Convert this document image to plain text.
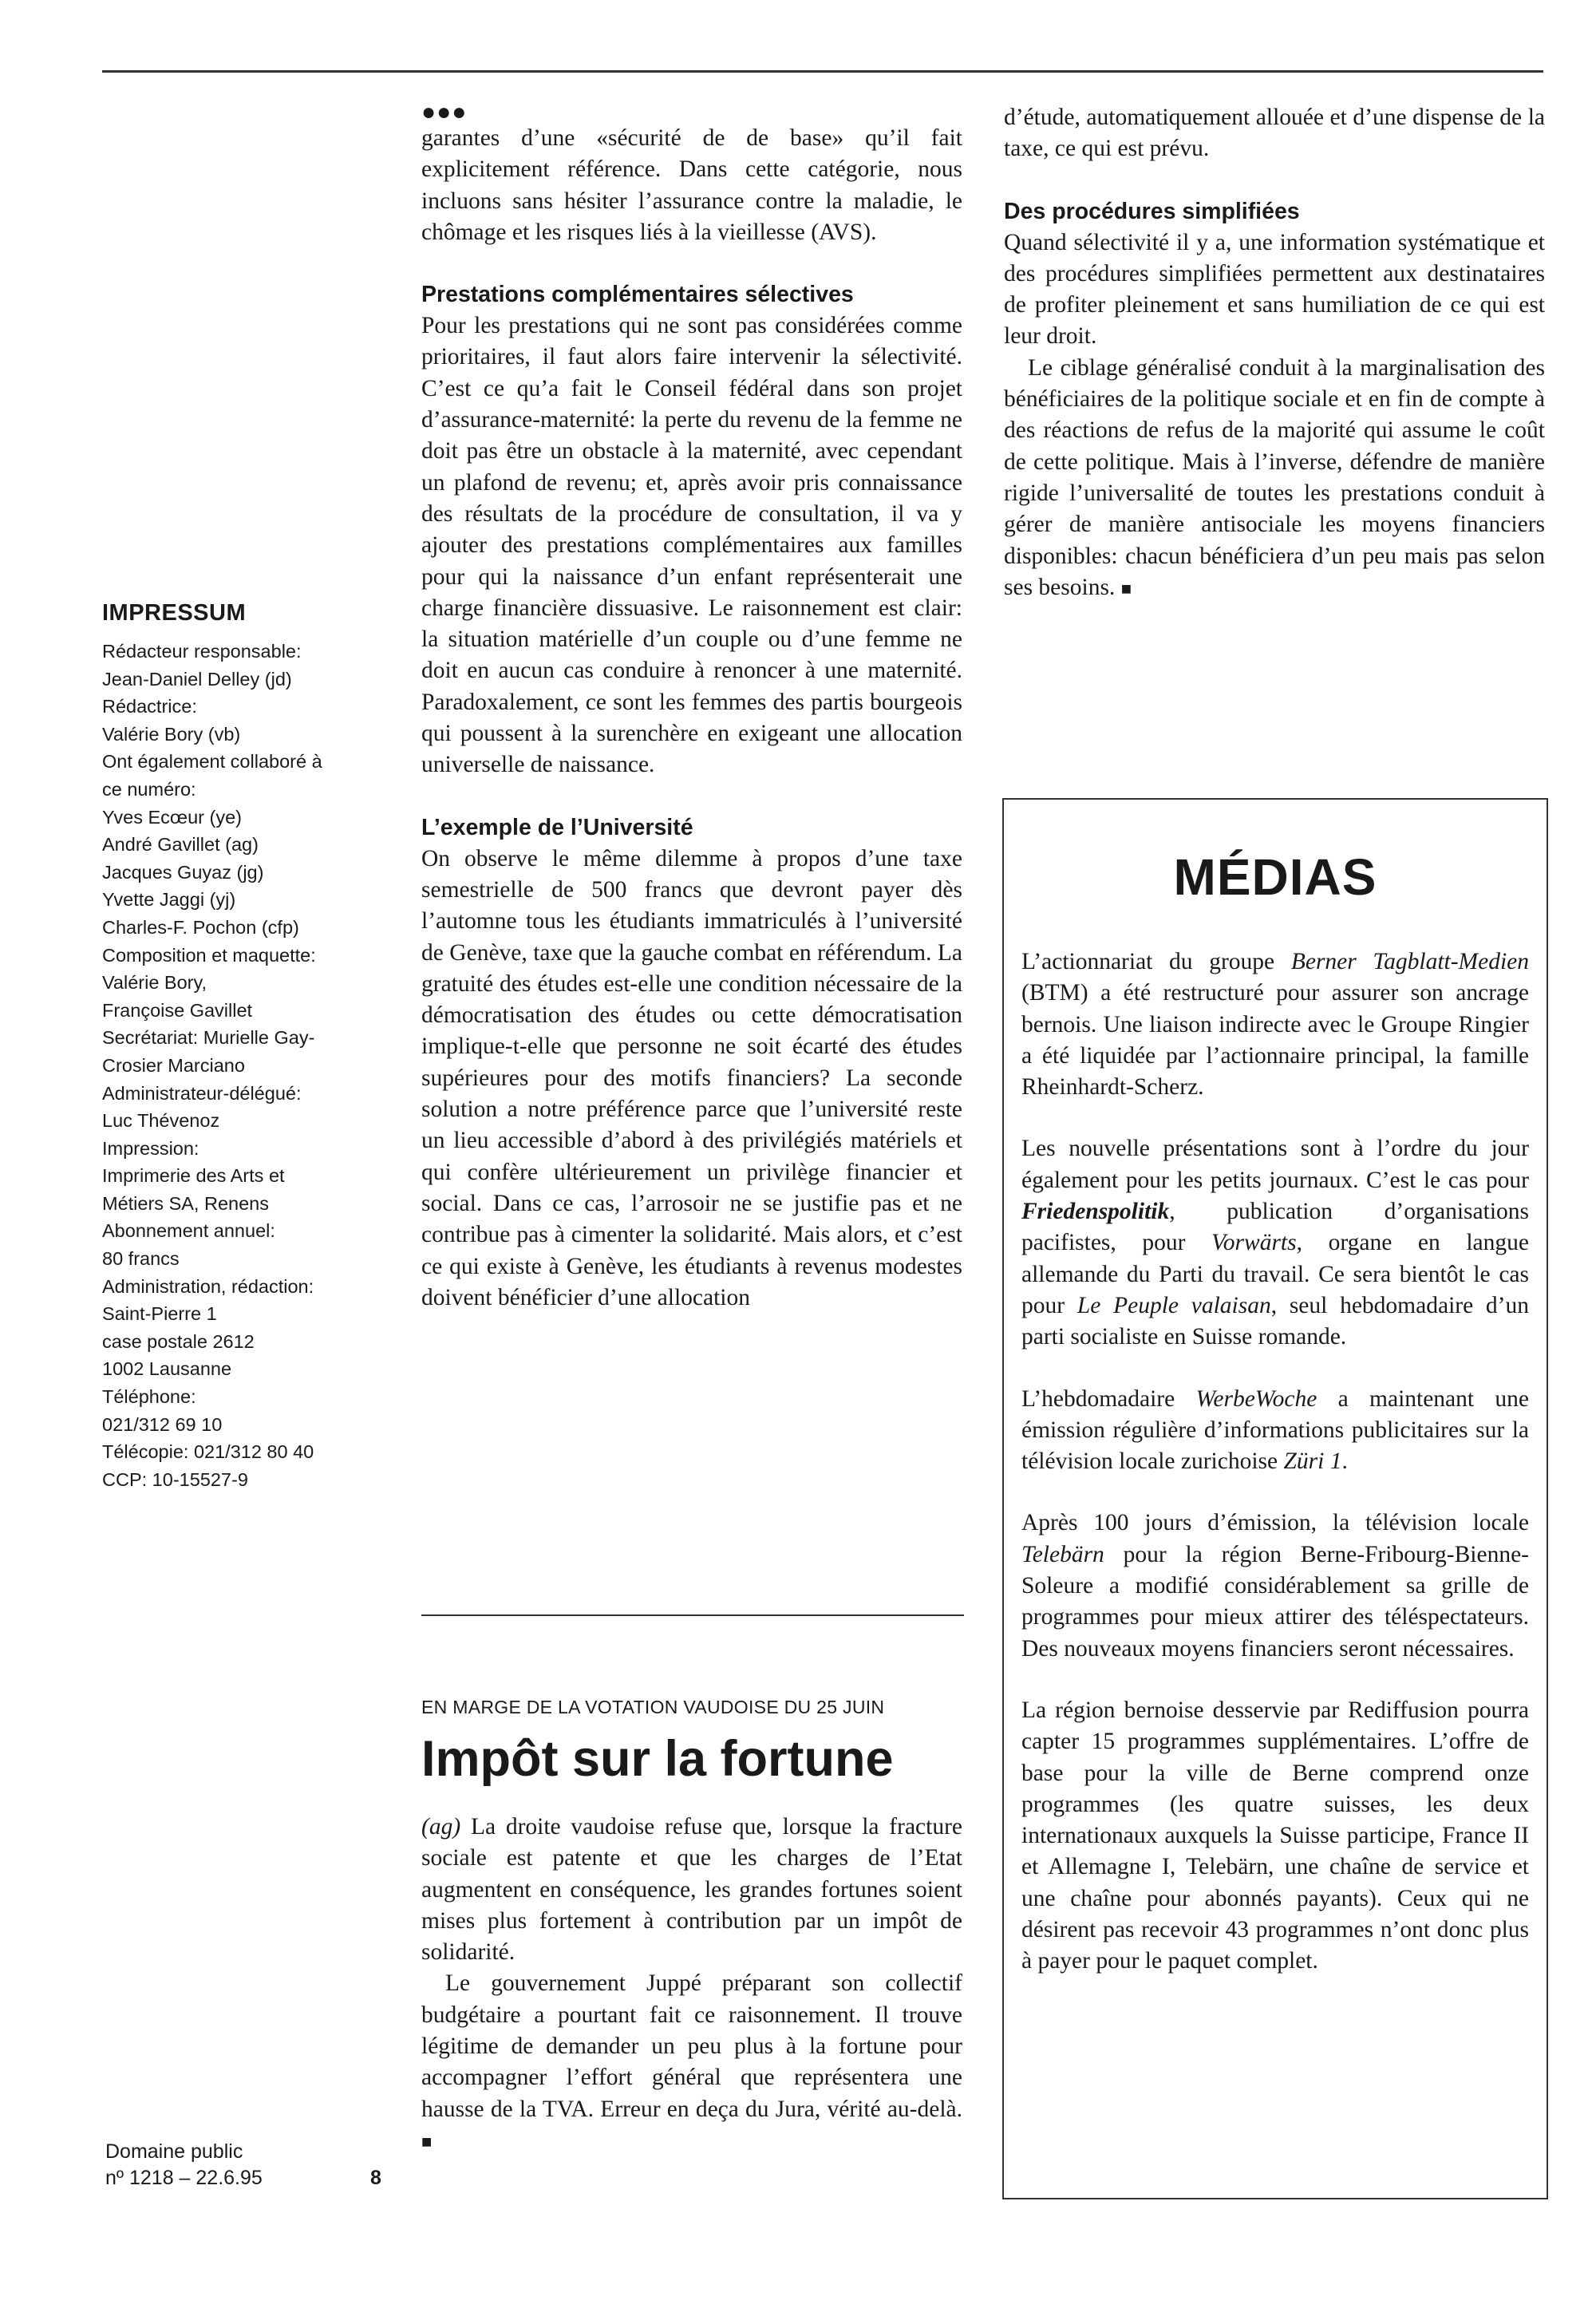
IMPRESSUM
Rédacteur responsable:
Jean-Daniel Delley (jd)
Rédactrice:
Valérie Bory (vb)
Ont également collaboré à
ce numéro:
Yves Ecœur (ye)
André Gavillet (ag)
Jacques Guyaz (jg)
Yvette Jaggi (yj)
Charles-F. Pochon (cfp)
Composition et maquette:
Valérie Bory,
Françoise Gavillet
Secrétariat: Murielle Gay-
Crosier Marciano
Administrateur-délégué:
Luc Thévenoz
Impression:
Imprimerie des Arts et
Métiers SA, Renens
Abonnement annuel:
80 francs
Administration, rédaction:
Saint-Pierre 1
case postale 2612
1002 Lausanne
Téléphone:
021/312 69 10
Télécopie: 021/312 80 40
CCP: 10-15527-9
Domaine public
nº 1218 – 22.6.95	8
●●●

garantes d’une «sécurité de de base» qu’il fait explicitement référence. Dans cette catégorie, nous incluons sans hésiter l’assurance contre la maladie, le chômage et les risques liés à la vieillesse (AVS).

Prestations complémentaires sélectives

Pour les prestations qui ne sont pas considérées comme prioritaires, il faut alors faire intervenir la sélectivité. C’est ce qu’a fait le Conseil fédéral dans son projet d’assurance-maternité: la perte du revenu de la femme ne doit pas être un obstacle à la maternité, avec cependant un plafond de revenu; et, après avoir pris connaissance des résultats de la procédure de consultation, il va y ajouter des prestations complémentaires aux familles pour qui la naissance d’un enfant représenterait une charge financière dissuasive. Le raisonnement est clair: la situation matérielle d’un couple ou d’une femme ne doit en aucun cas conduire à renoncer à une maternité. Paradoxalement, ce sont les femmes des partis bourgeois qui poussent à la surenchère en exigeant une allocation universelle de naissance.

L’exemple de l’Université

On observe le même dilemme à propos d’une taxe semestrielle de 500 francs que devront payer dès l’automne tous les étudiants immatriculés à l’université de Genève, taxe que la gauche combat en référendum. La gratuité des études est-elle une condition nécessaire de la démocratisation des études ou cette démocratisation implique-t-elle que personne ne soit écarté des études supérieures pour des motifs financiers? La seconde solution a notre préférence parce que l’université reste un lieu accessible d’abord à des privilégiés matériels et qui confère ultérieurement un privilège financier et social. Dans ce cas, l’arrosoir ne se justifie pas et ne contribue pas à cimenter la solidarité. Mais alors, et c’est ce qui existe à Genève, les étudiants à revenus modestes doivent bénéficier d’une allocation

d’étude, automatiquement allouée et d’une dispense de la taxe, ce qui est prévu.

Des procédures simplifiées

Quand sélectivité il y a, une information systématique et des procédures simplifiées permettent aux destinataires de profiter pleinement et sans humiliation de ce qui est leur droit.

Le ciblage généralisé conduit à la marginalisation des bénéficiaires de la politique sociale et en fin de compte à des réactions de refus de la majorité qui assume le coût de cette politique. Mais à l’inverse, défendre de manière rigide l’universalité de toutes les prestations conduit à gérer de manière antisociale les moyens financiers disponibles: chacun bénéficiera d’un peu mais pas selon ses besoins. ■

EN MARGE DE LA VOTATION VAUDOISE DU 25 JUIN
Impôt sur la fortune

(ag) La droite vaudoise refuse que, lorsque la fracture sociale est patente et que les charges de l’Etat augmentent en conséquence, les grandes fortunes soient mises plus fortement à contribution par un impôt de solidarité.

Le gouvernement Juppé préparant son collectif budgétaire a pourtant fait ce raisonnement. Il trouve légitime de demander un peu plus à la fortune pour accompagner l’effort général que représentera une hausse de la TVA. Erreur en deça du Jura, vérité au-delà. ■

MÉDIAS

L’actionnariat du groupe Berner Tagblatt-Medien (BTM) a été restructuré pour assurer son ancrage bernois. Une liaison indirecte avec le Groupe Ringier a été liquidée par l’actionnaire principal, la famille Rheinhardt-Scherz.

Les nouvelle présentations sont à l’ordre du jour également pour les petits journaux. C’est le cas pour Friedenspolitik, publication d’organisations pacifistes, pour Vorwärts, organe en langue allemande du Parti du travail. Ce sera bientôt le cas pour Le Peuple valaisan, seul hebdomadaire d’un parti socialiste en Suisse romande.

L’hebdomadaire WerbeWoche a maintenant une émission régulière d’informations publicitaires sur la télévision locale zurichoise Züri 1.

Après 100 jours d’émission, la télévision locale Telebärn pour la région Berne-Fribourg-Bienne-Soleure a modifié considérablement sa grille de programmes pour mieux attirer des téléspectateurs. Des nouveaux moyens financiers seront nécessaires.

La région bernoise desservie par Rediffusion pourra capter 15 programmes supplémentaires. L’offre de base pour la ville de Berne comprend onze programmes (les quatre suisses, les deux internationaux auxquels la Suisse participe, France II et Allemagne I, Telebärn, une chaîne de service et une chaîne pour abonnés payants). Ceux qui ne désirent pas recevoir 43 programmes n’ont donc plus à payer pour le paquet complet.
